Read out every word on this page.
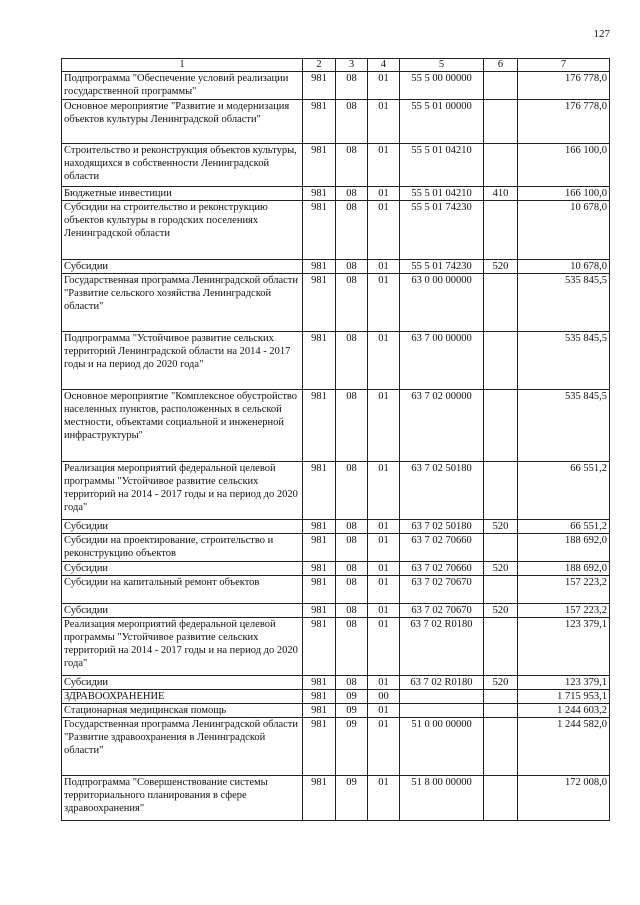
127
1	2	3	4	5	6	7
Подпрограмма "Обеспечение условий реализации государственной программы"	981	08	01	55 5 00 00000		176 778,0
Основное мероприятие "Развитие и модернизация объектов культуры Ленинградской области"	981	08	01	55 5 01 00000		176 778,0
Строительство и реконструкция объектов культуры, находящихся в собственности Ленинградской области	981	08	01	55 5 01 04210		166 100,0
Бюджетные инвестиции	981	08	01	55 5 01 04210	410	166 100,0
Субсидии на строительство и реконструкцию объектов культуры в городских поселениях Ленинградской области	981	08	01	55 5 01 74230		10 678,0
Субсидии	981	08	01	55 5 01 74230	520	10 678,0
Государственная программа Ленинградской области "Развитие сельского хозяйства Ленинградской области"	981	08	01	63 0 00 00000		535 845,5
Подпрограмма "Устойчивое развитие сельских территорий Ленинградской области на 2014 - 2017 годы и на период до 2020 года"	981	08	01	63 7 00 00000		535 845,5
Основное мероприятие "Комплексное обустройство населенных пунктов, расположенных в сельской местности, объектами социальной и инженерной инфраструктуры"	981	08	01	63 7 02 00000		535 845,5
Реализация мероприятий федеральной целевой программы "Устойчивое развитие сельских территорий на 2014 - 2017 годы и на период до 2020 года"	981	08	01	63 7 02 50180		66 551,2
Субсидии	981	08	01	63 7 02 50180	520	66 551,2
Субсидии на проектирование, строительство и реконструкцию объектов	981	08	01	63 7 02 70660		188 692,0
Субсидии	981	08	01	63 7 02 70660	520	188 692,0
Субсидии на капитальный ремонт объектов	981	08	01	63 7 02 70670		157 223,2
Субсидии	981	08	01	63 7 02 70670	520	157 223,2
Реализация мероприятий федеральной целевой программы "Устойчивое развитие сельских территорий на 2014 - 2017 годы и на период до 2020 года"	981	08	01	63 7 02 R0180		123 379,1
Субсидии	981	08	01	63 7 02 R0180	520	123 379,1
ЗДРАВООХРАНЕНИЕ	981	09	00			1 715 953,1
Стационарная медицинская помощь	981	09	01			1 244 603,2
Государственная программа Ленинградской области "Развитие здравоохранения в Ленинградской области"	981	09	01	51 0 00 00000		1 244 582,0
Подпрограмма "Совершенствование системы территориального планирования в сфере здравоохранения"	981	09	01	51 8 00 00000		172 008,0
